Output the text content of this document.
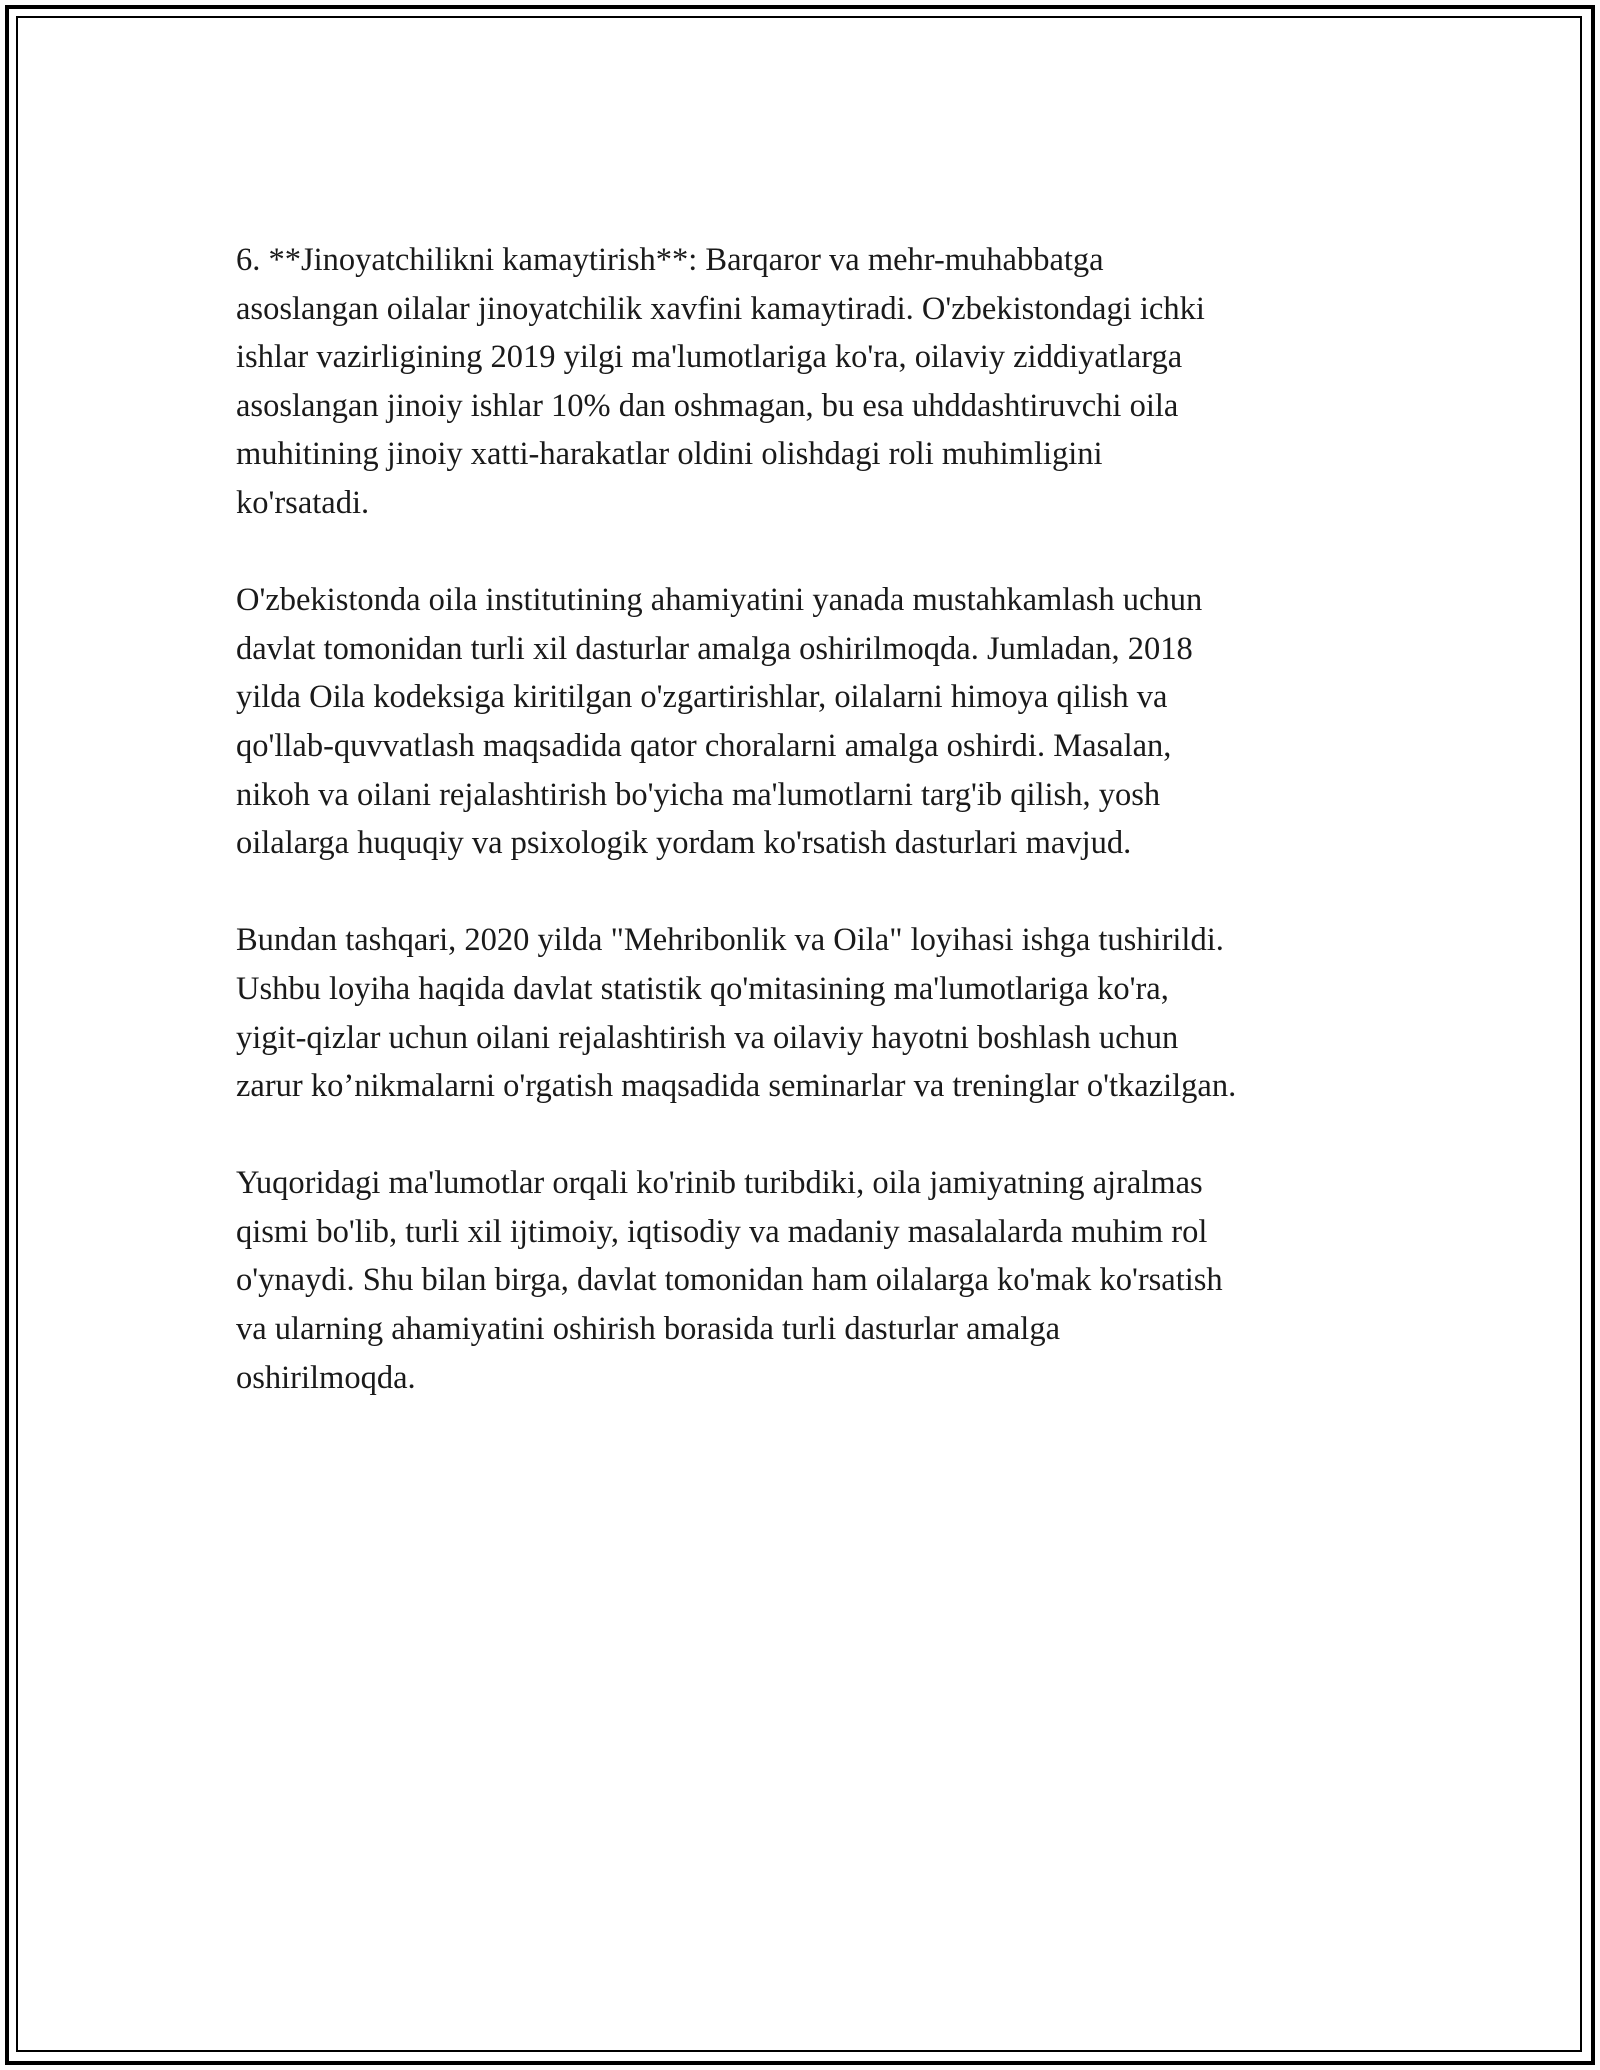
6. **Jinoyatchilikni kamaytirish**: Barqaror va mehr-muhabbatga
asoslangan oilalar jinoyatchilik xavfini kamaytiradi. O'zbekistondagi ichki
ishlar vazirligining 2019 yilgi ma'lumotlariga ko'ra, oilaviy ziddiyatlarga
asoslangan jinoiy ishlar 10% dan oshmagan, bu esa uhddashtiruvchi oila
muhitining jinoiy xatti-harakatlar oldini olishdagi roli muhimligini
ko'rsatadi.

O'zbekistonda oila institutining ahamiyatini yanada mustahkamlash uchun
davlat tomonidan turli xil dasturlar amalga oshirilmoqda. Jumladan, 2018
yilda Oila kodeksiga kiritilgan o'zgartirishlar, oilalarni himoya qilish va
qo'llab-quvvatlash maqsadida qator choralarni amalga oshirdi. Masalan,
nikoh va oilani rejalashtirish bo'yicha ma'lumotlarni targ'ib qilish, yosh
oilalarga huquqiy va psixologik yordam ko'rsatish dasturlari mavjud.

Bundan tashqari, 2020 yilda "Mehribonlik va Oila" loyihasi ishga tushirildi.
Ushbu loyiha haqida davlat statistik qo'mitasining ma'lumotlariga ko'ra,
yigit-qizlar uchun oilani rejalashtirish va oilaviy hayotni boshlash uchun
zarur ko’nikmalarni o'rgatish maqsadida seminarlar va treninglar o'tkazilgan.

Yuqoridagi ma'lumotlar orqali ko'rinib turibdiki, oila jamiyatning ajralmas
qismi bo'lib, turli xil ijtimoiy, iqtisodiy va madaniy masalalarda muhim rol
o'ynaydi. Shu bilan birga, davlat tomonidan ham oilalarga ko'mak ko'rsatish
va ularning ahamiyatini oshirish borasida turli dasturlar amalga
oshirilmoqda.
